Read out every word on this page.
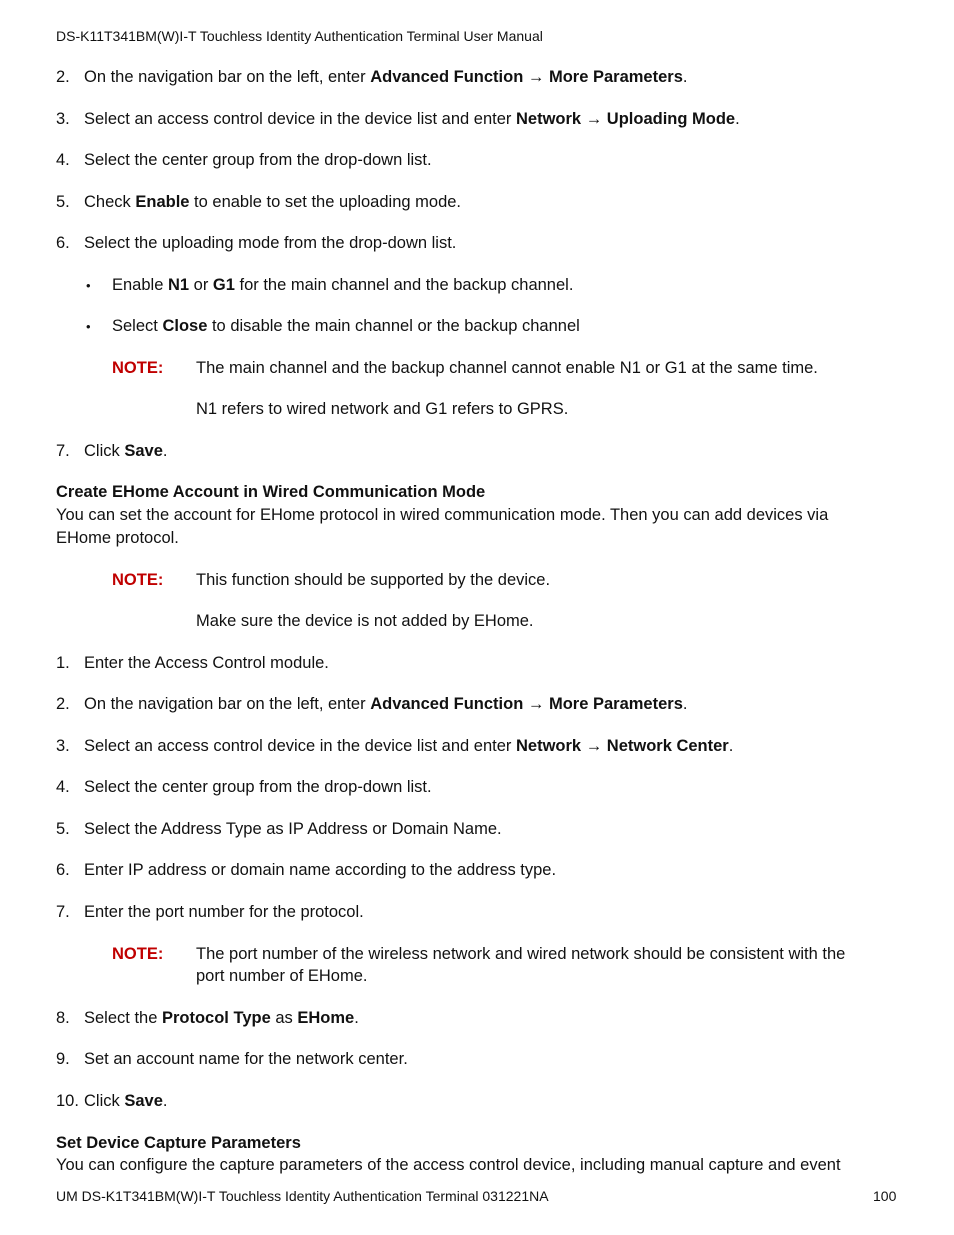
DS-K11T341BM(W)I-T Touchless Identity Authentication Terminal User Manual
2. On the navigation bar on the left, enter Advanced Function → More Parameters.
3. Select an access control device in the device list and enter Network → Uploading Mode.
4. Select the center group from the drop-down list.
5. Check Enable to enable to set the uploading mode.
6. Select the uploading mode from the drop-down list.
• Enable N1 or G1 for the main channel and the backup channel.
• Select Close to disable the main channel or the backup channel
NOTE: The main channel and the backup channel cannot enable N1 or G1 at the same time.
N1 refers to wired network and G1 refers to GPRS.
7. Click Save.
Create EHome Account in Wired Communication Mode
You can set the account for EHome protocol in wired communication mode. Then you can add devices via
EHome protocol.
NOTE: This function should be supported by the device.
Make sure the device is not added by EHome.
1. Enter the Access Control module.
2. On the navigation bar on the left, enter Advanced Function → More Parameters.
3. Select an access control device in the device list and enter Network → Network Center.
4. Select the center group from the drop-down list.
5. Select the Address Type as IP Address or Domain Name.
6. Enter IP address or domain name according to the address type.
7. Enter the port number for the protocol.
NOTE: The port number of the wireless network and wired network should be consistent with the
port number of EHome.
8. Select the Protocol Type as EHome.
9. Set an account name for the network center.
10. Click Save.
Set Device Capture Parameters
You can configure the capture parameters of the access control device, including manual capture and event
UM DS-K1T341BM(W)I-T Touchless Identity Authentication Terminal 031221NA	100
